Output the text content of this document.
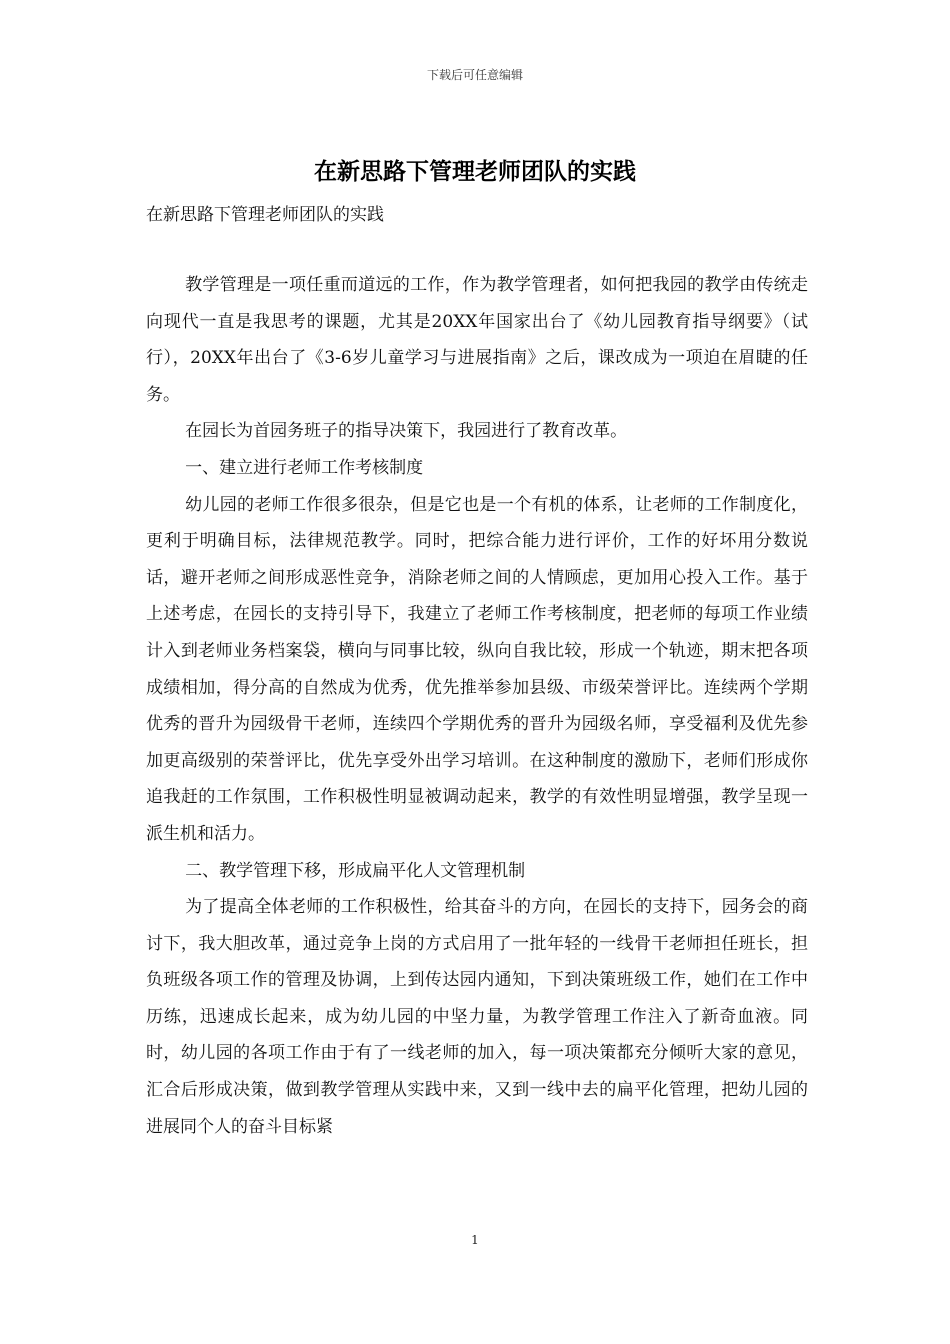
下载后可任意编辑
在新思路下管理老师团队的实践

在新思路下管理老师团队的实践

教学管理是一项任重而道远的工作，作为教学管理者，如何把我园的教学由传统走向现代一直是我思考的课题，尤其是20XX年国家出台了《幼儿园教育指导纲要》（试行），20XX年出台了《3-6岁儿童学习与进展指南》之后，课改成为一项迫在眉睫的任务。

在园长为首园务班子的指导决策下，我园进行了教育改革。

一、建立进行老师工作考核制度

幼儿园的老师工作很多很杂，但是它也是一个有机的体系，让老师的工作制度化，更利于明确目标，法律规范教学。同时，把综合能力进行评价，工作的好坏用分数说话，避开老师之间形成恶性竞争，消除老师之间的人情顾虑，更加用心投入工作。基于上述考虑，在园长的支持引导下，我建立了老师工作考核制度，把老师的每项工作业绩计入到老师业务档案袋，横向与同事比较，纵向自我比较，形成一个轨迹，期末把各项成绩相加，得分高的自然成为优秀，优先推举参加县级、市级荣誉评比。连续两个学期优秀的晋升为园级骨干老师，连续四个学期优秀的晋升为园级名师，享受福利及优先参加更高级别的荣誉评比，优先享受外出学习培训。在这种制度的激励下，老师们形成你追我赶的工作氛围，工作积极性明显被调动起来，教学的有效性明显增强，教学呈现一派生机和活力。

二、教学管理下移，形成扁平化人文管理机制

为了提高全体老师的工作积极性，给其奋斗的方向，在园长的支持下，园务会的商讨下，我大胆改革，通过竞争上岗的方式启用了一批年轻的一线骨干老师担任班长，担负班级各项工作的管理及协调，上到传达园内通知，下到决策班级工作，她们在工作中历练，迅速成长起来，成为幼儿园的中坚力量，为教学管理工作注入了新奇血液。同时，幼儿园的各项工作由于有了一线老师的加入，每一项决策都充分倾听大家的意见，汇合后形成决策，做到教学管理从实践中来，又到一线中去的扁平化管理，把幼儿园的进展同个人的奋斗目标紧

1
